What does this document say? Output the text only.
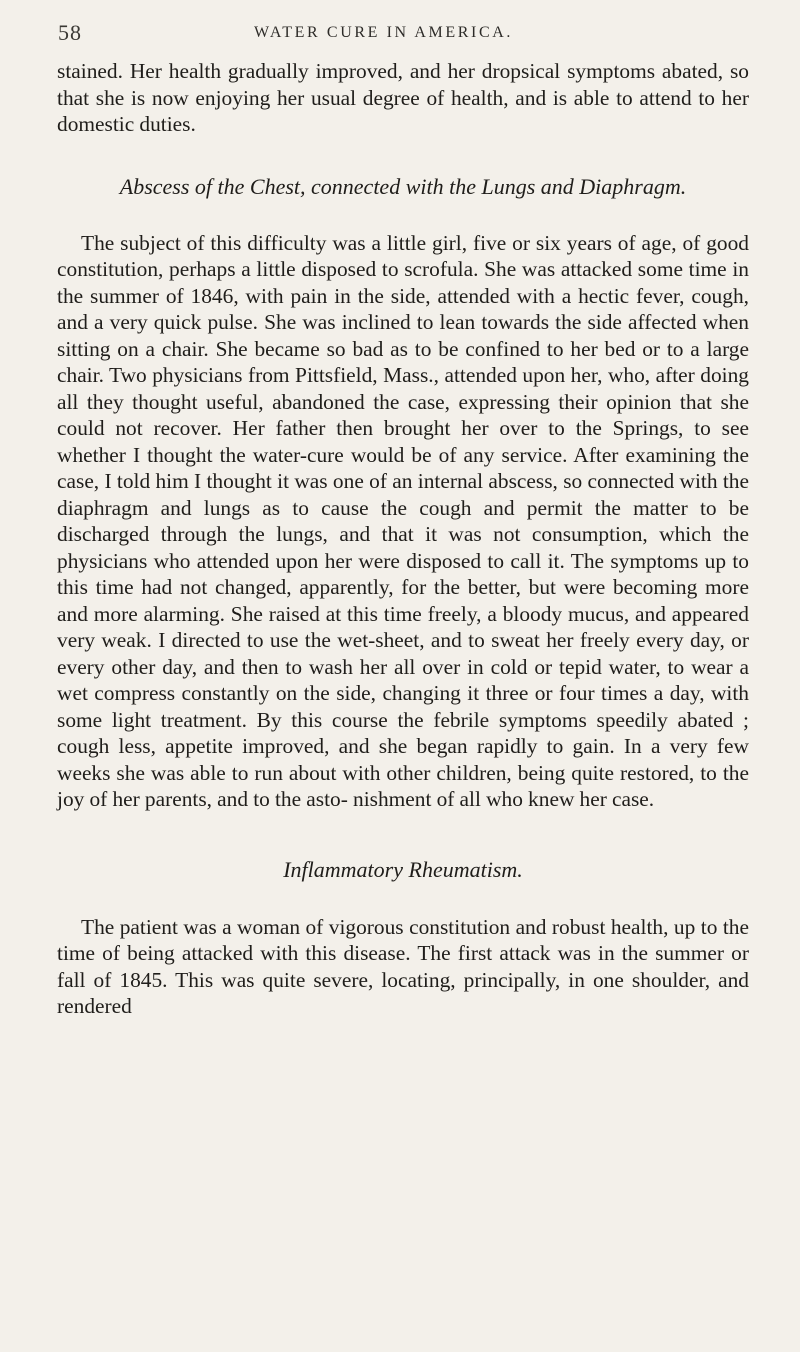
58	WATER CURE IN AMERICA.

stained. Her health gradually improved, and her dropsical symptoms abated, so that she is now enjoying her usual degree of health, and is able to attend to her domestic duties.

Abscess of the Chest, connected with the Lungs and Diaphragm.

The subject of this difficulty was a little girl, five or six years of age, of good constitution, perhaps a little disposed to scrofula. She was attacked some time in the summer of 1846, with pain in the side, attended with a hectic fever, cough, and a very quick pulse. She was inclined to lean towards the side affected when sitting on a chair. She became so bad as to be confined to her bed or to a large chair. Two physicians from Pittsfield, Mass., attended upon her, who, after doing all they thought useful, abandoned the case, expressing their opinion that she could not recover. Her father then brought her over to the Springs, to see whether I thought the water-cure would be of any service. After examining the case, I told him I thought it was one of an internal abscess, so connected with the diaphragm and lungs as to cause the cough and permit the matter to be discharged through the lungs, and that it was not consumption, which the physicians who attended upon her were disposed to call it. The symptoms up to this time had not changed, apparently, for the better, but were becoming more and more alarming. She raised at this time freely, a bloody mucus, and appeared very weak. I directed to use the wet-sheet, and to sweat her freely every day, or every other day, and then to wash her all over in cold or tepid water, to wear a wet compress constantly on the side, changing it three or four times a day, with some light treatment. By this course the febrile symptoms speedily abated ; cough less, appetite improved, and she began rapidly to gain. In a very few weeks she was able to run about with other children, being quite restored, to the joy of her parents, and to the asto- nishment of all who knew her case.

Inflammatory Rheumatism.

The patient was a woman of vigorous constitution and robust health, up to the time of being attacked with this disease. The first attack was in the summer or fall of 1845. This was quite severe, locating, principally, in one shoulder, and rendered
